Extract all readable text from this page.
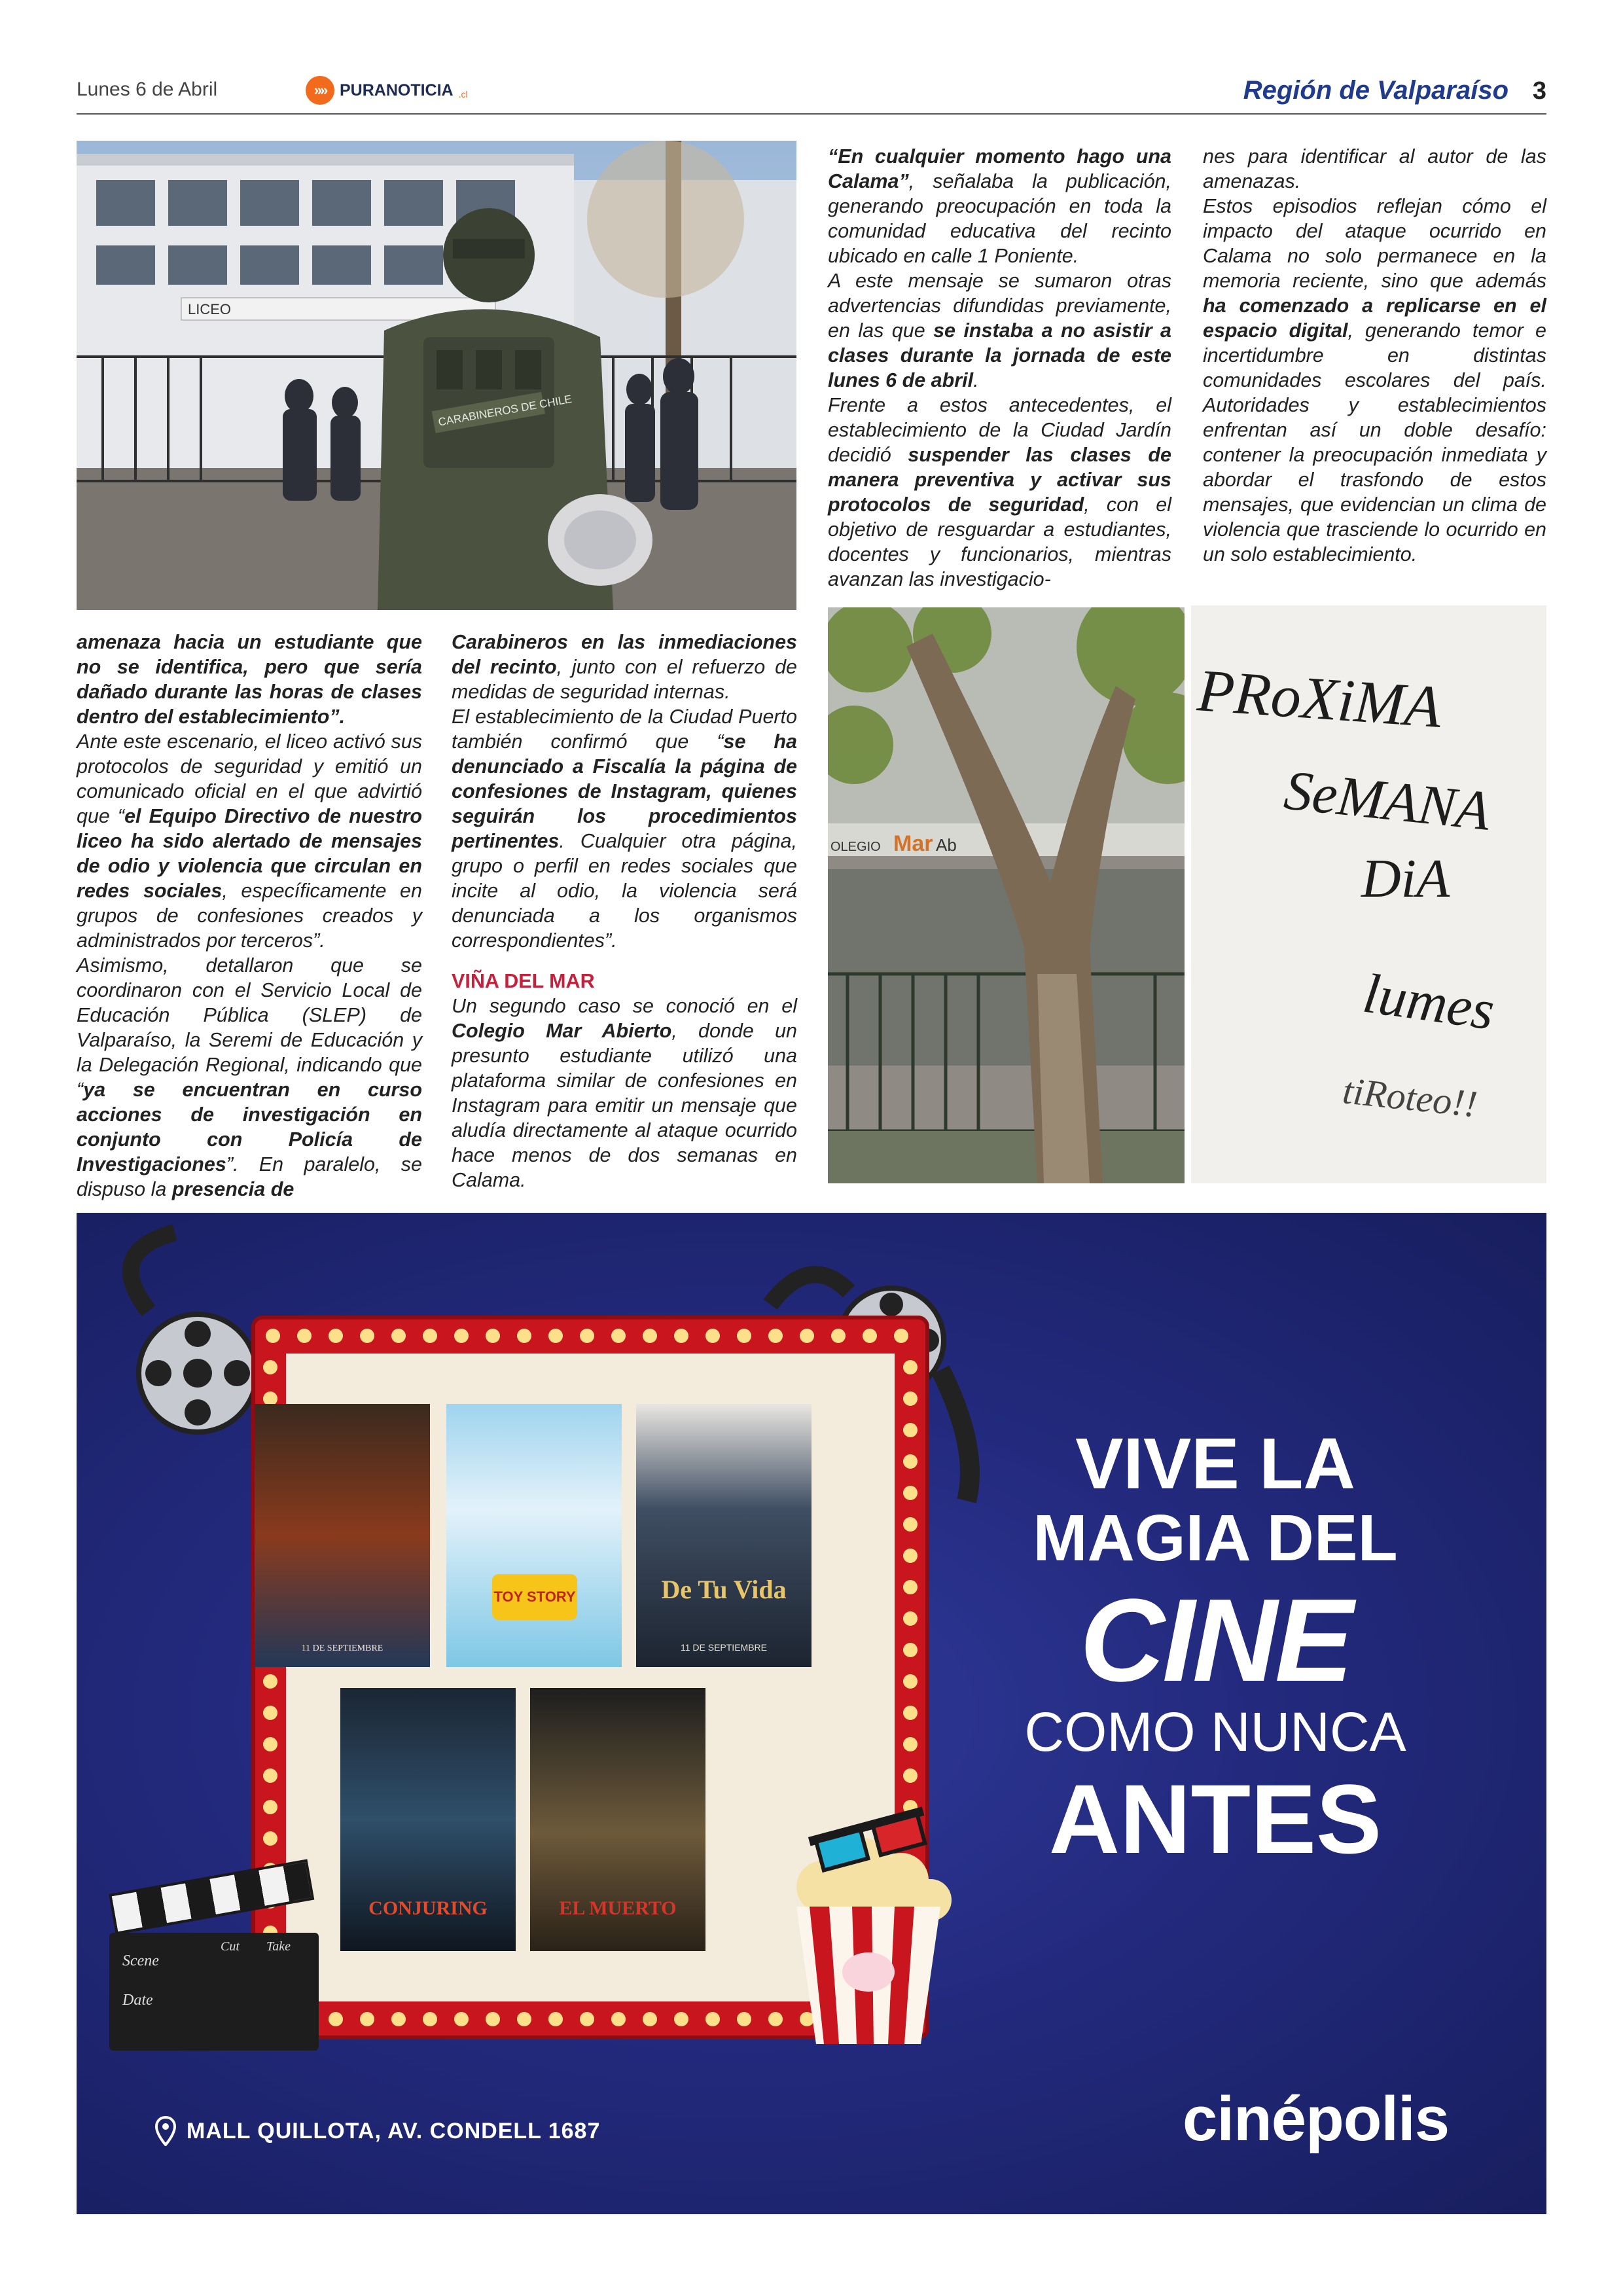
Lunes 6 de Abril	»» PURANOTICIA .cl	Región de Valparaíso 3
LICEO
CARABINEROS DE CHILE

amenaza hacia un estudiante que no se identifica, pero que sería dañado durante las horas de clases dentro del establecimiento”.

Ante este escenario, el liceo activó sus protocolos de seguridad y emitió un comunicado oficial en el que advirtió que “el Equipo Directivo de nuestro liceo ha sido alertado de mensajes de odio y violencia que circulan en redes sociales, específicamente en grupos de confesiones creados y administrados por terceros”.

Asimismo, detallaron que se coordinaron con el Servicio Local de Educación Pública (SLEP) de Valparaíso, la Seremi de Educación y la Delegación Regional, indicando que “ya se encuentran en curso acciones de investigación en conjunto con Policía de Investigaciones”. En paralelo, se dispuso la presencia de

Carabineros en las inmediaciones del recinto, junto con el refuerzo de medidas de seguridad internas.

El establecimiento de la Ciudad Puerto también confirmó que “se ha denunciado a Fiscalía la página de confesiones de Instagram, quienes seguirán los procedimientos pertinentes. Cualquier otra página, grupo o perfil en redes sociales que incite al odio, la violencia será denunciada a los organismos correspondientes”.

VIÑA DEL MAR

Un segundo caso se conoció en el Colegio Mar Abierto, donde un presunto estudiante utilizó una plataforma similar de confesiones en Instagram para emitir un mensaje que aludía directamente al ataque ocurrido hace menos de dos semanas en Calama.

“En cualquier momento hago una Calama”, señalaba la publicación, generando preocupación en toda la comunidad educativa del recinto ubicado en calle 1 Poniente.

A este mensaje se sumaron otras advertencias difundidas previamente, en las que se instaba a no asistir a clases durante la jornada de este lunes 6 de abril.

Frente a estos antecedentes, el establecimiento de la Ciudad Jardín decidió suspender las clases de manera preventiva y activar sus protocolos de seguridad, con el objetivo de resguardar a estudiantes, docentes y funcionarios, mientras avanzan las investigacio-

nes para identificar al autor de las amenazas.

Estos episodios reflejan cómo el impacto del ataque ocurrido en Calama no solo permanece en la memoria reciente, sino que además ha comenzado a replicarse en el espacio digital, generando temor e incertidumbre en distintas comunidades escolares del país. Autoridades y establecimientos enfrentan así un doble desafío: contener la preocupación inmediata y abordar el trasfondo de estos mensajes, que evidencian un clima de violencia que trasciende lo ocurrido en un solo establecimiento.

OLEGIO Mar Ab
PRoXiMA
SeMANA
DiA
lumes
tiRoteo!!
11 DE SEPTIEMBRE
TOY STORY	De Tu Vida
11 DE SEPTIEMBRE
CONJURING	EL MUERTO
Scene
Date
Cut Take
VIVE LA
MAGIA DEL
CINE
COMO NUNCA
ANTES
MALL QUILLOTA, AV. CONDELL 1687	cinépolis
